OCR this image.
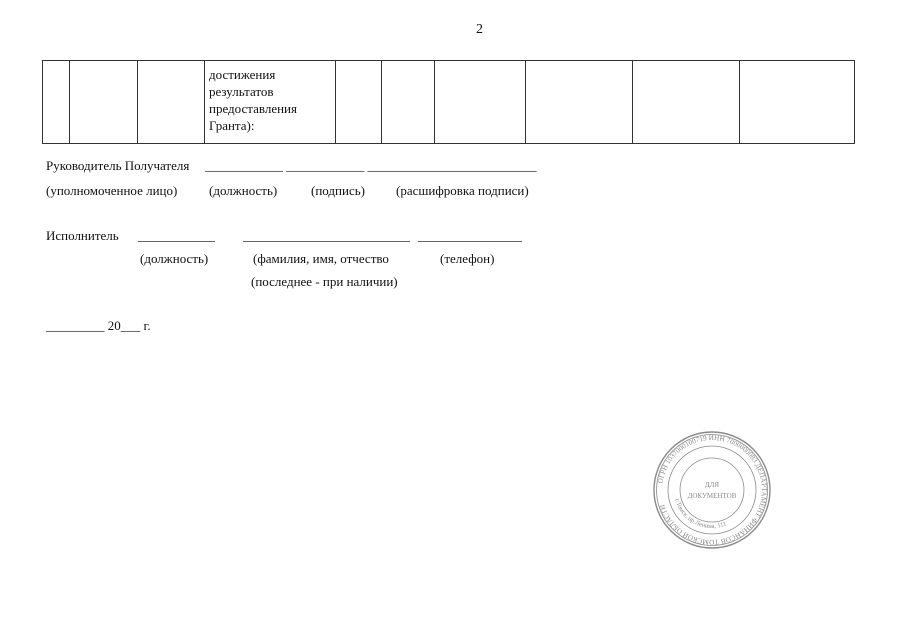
2

достижения результатов предоставления Гранта):

Руководитель Получателя ____________ ____________ __________________________
(уполномоченное лицо) (должность)	(подпись) (расшифровка подписи)
Исполнитель
(должность)	(фамилия, имя, отчество	(телефон)
(последнее - при наличии)
_________ 20___ г.
ОГРН 1037000100719 ИНН 7000000083 ДЕПАРТАМЕНТ ФИНАНСОВ ТОМСКОЙ ОБЛАСТИ
г.Томск, пр.Ленина, 111
ДЛЯ
ДОКУМЕНТОВ
